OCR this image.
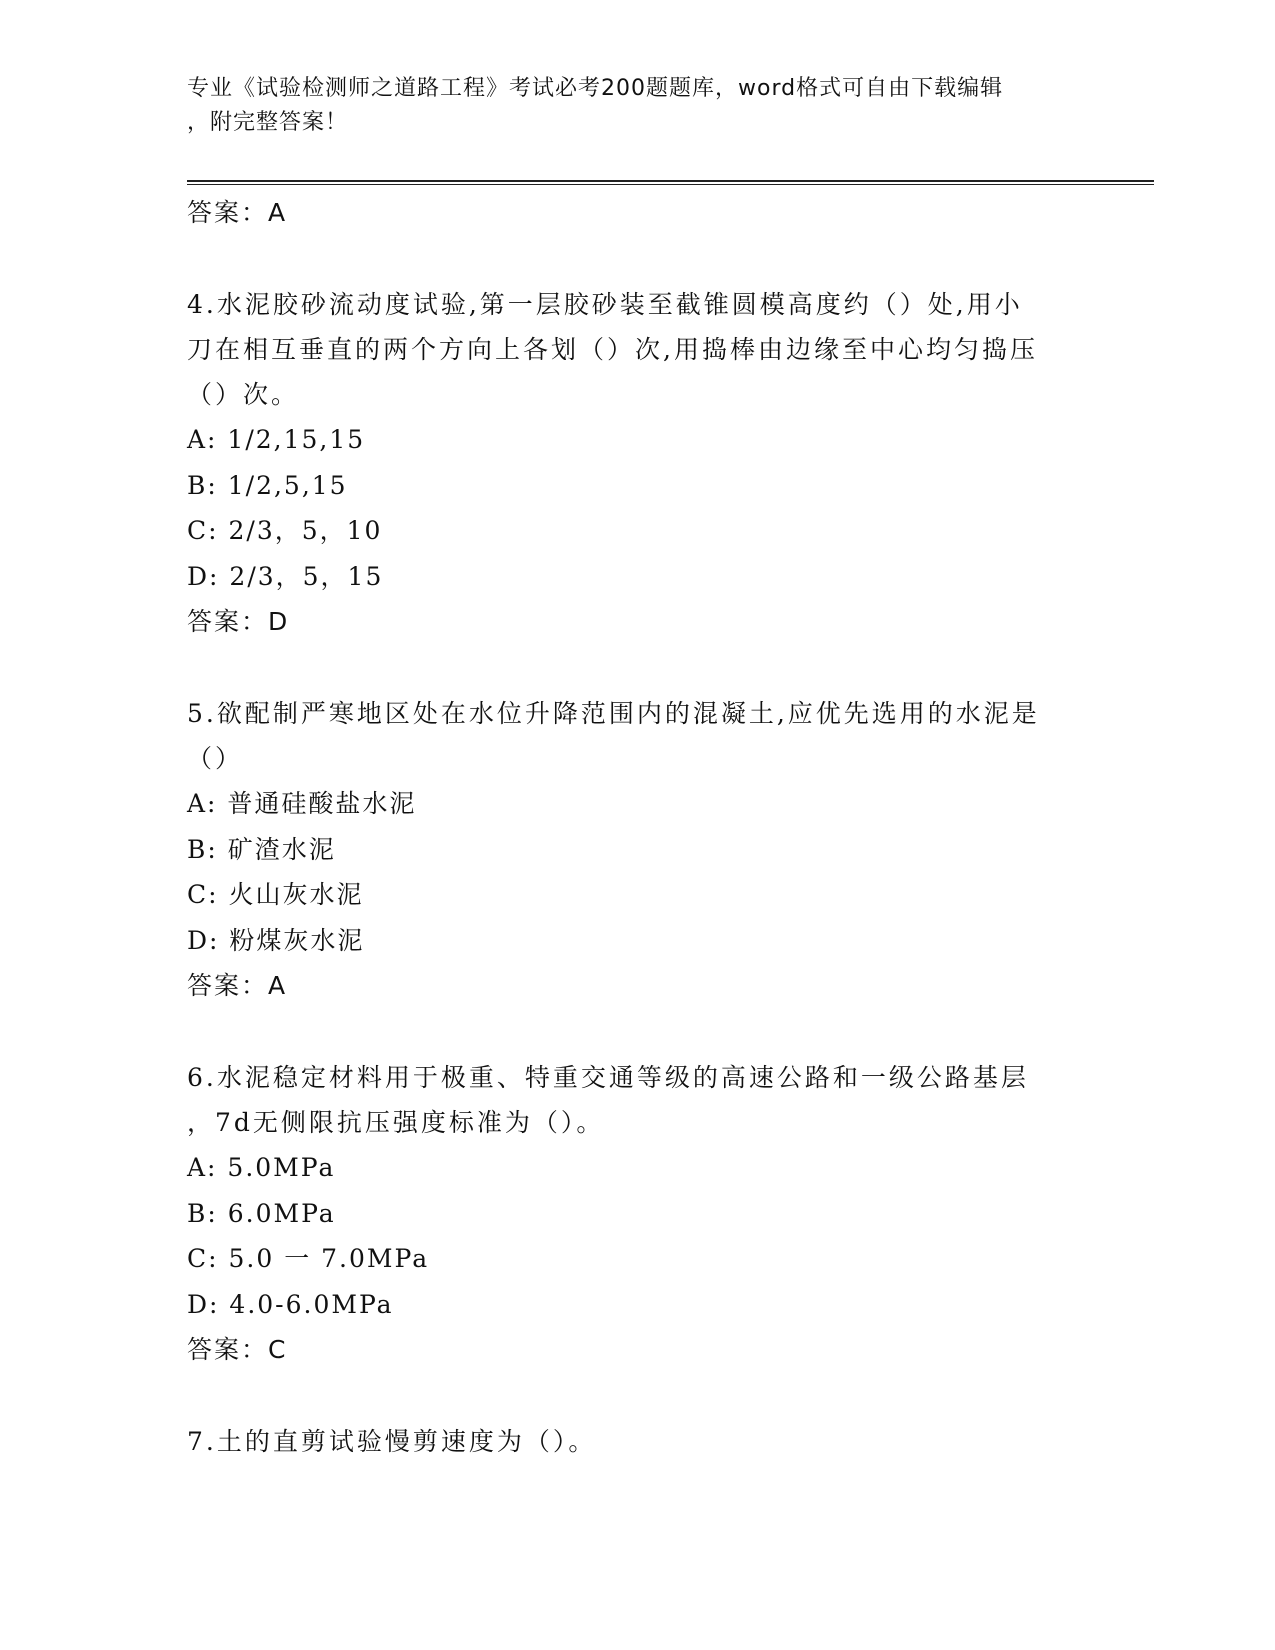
专业《试验检测师之道路工程》考试必考200题题库，word格式可自由下载编辑
，附完整答案！
答案：A
4.水泥胶砂流动度试验,第一层胶砂装至截锥圆模高度约（）处,用小
刀在相互垂直的两个方向上各划（）次,用捣棒由边缘至中心均匀捣压
（）次。
A: 1/2,15,15
B: 1/2,5,15
C: 2/3，5，10
D: 2/3，5，15
答案：D
5.欲配制严寒地区处在水位升降范围内的混凝土,应优先选用的水泥是
（）
A: 普通硅酸盐水泥
B: 矿渣水泥
C: 火山灰水泥
D: 粉煤灰水泥
答案：A
6.水泥稳定材料用于极重、特重交通等级的高速公路和一级公路基层
，7d无侧限抗压强度标准为（）。
A: 5.0MPa
B: 6.0MPa
C: 5.0 一 7.0MPa
D: 4.0-6.0MPa
答案：C
7.土的直剪试验慢剪速度为（）。
